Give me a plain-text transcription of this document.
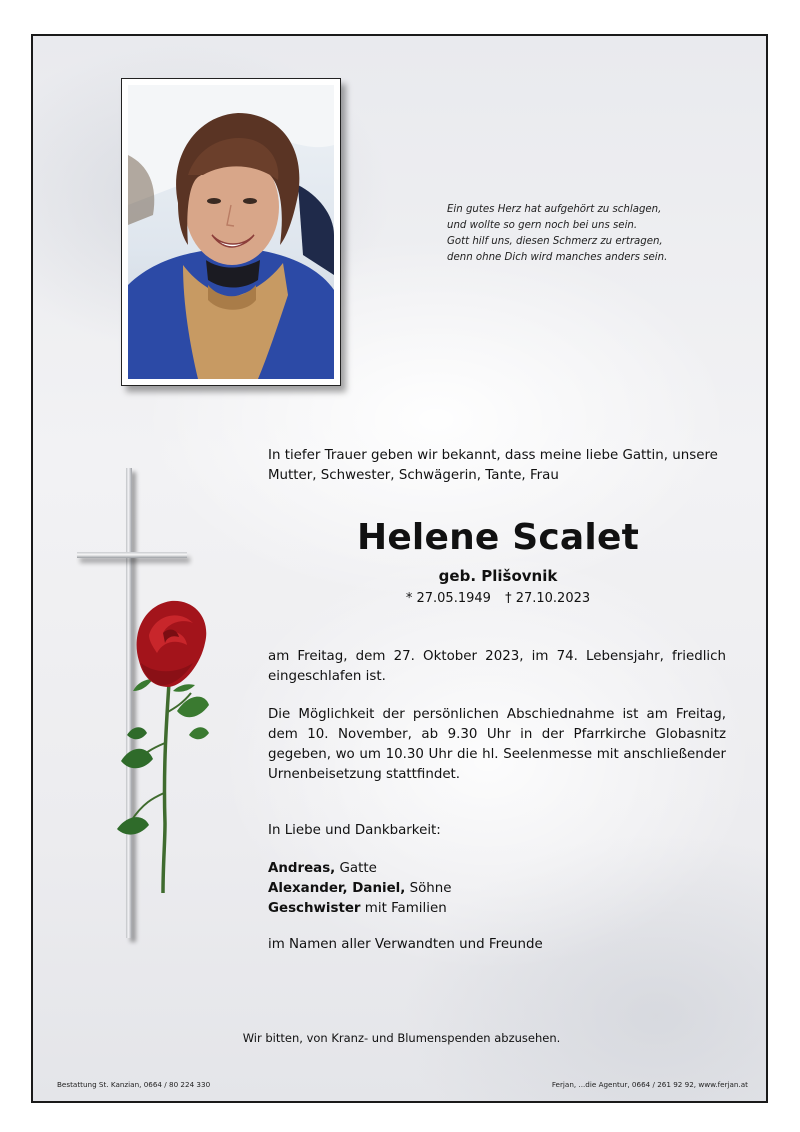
Ein gutes Herz hat aufgehört zu schlagen,
und wollte so gern noch bei uns sein.
Gott hilf uns, diesen Schmerz zu ertragen,
denn ohne Dich wird manches anders sein.
In tiefer Trauer geben wir bekannt, dass meine liebe Gattin, unsere Mutter, Schwester, Schwägerin, Tante, Frau
Helene Scalet
geb. Plišovnik
* 27.05.1949 † 27.10.2023
am Freitag, dem 27. Oktober 2023, im 74. Lebensjahr, friedlich eingeschlafen ist.
Die Möglichkeit der persönlichen Abschiednahme ist am Freitag, dem 10. November, ab 9.30 Uhr in der Pfarrkirche Globasnitz gegeben, wo um 10.30 Uhr die hl. Seelenmesse mit anschließender Urnenbeisetzung stattfindet.
In Liebe und Dankbarkeit:
Andreas, Gatte
Alexander, Daniel, Söhne
Geschwister mit Familien
im Namen aller Verwandten und Freunde
Wir bitten, von Kranz- und Blumenspenden abzusehen.
Bestattung St. Kanzian, 0664 / 80 224 330	Ferjan, ...die Agentur, 0664 / 261 92 92, www.ferjan.at
